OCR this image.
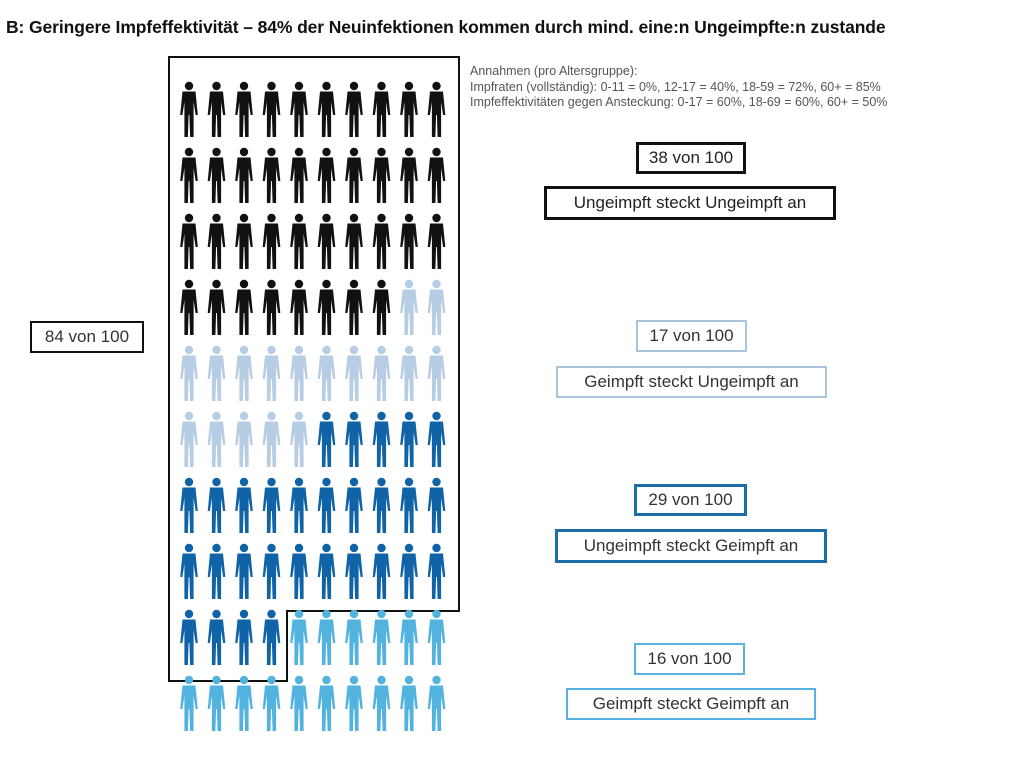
B: Geringere Impfeffektivität – 84% der Neuinfektionen kommen durch mind. eine:n Ungeimpfte:n zustande
Annahmen (pro Altersgruppe):
Impfraten (vollständig): 0-11 = 0%, 12-17 = 40%, 18-59 = 72%, 60+ = 85%
Impfeffektivitäten gegen Ansteckung: 0-17 = 60%, 18-69 = 60%, 60+ = 50%
84 von 100
38 von 100
Ungeimpft steckt Ungeimpft an
17 von 100
Geimpft steckt Ungeimpft an
29 von 100
Ungeimpft steckt Geimpft an
16 von 100
Geimpft steckt Geimpft an
